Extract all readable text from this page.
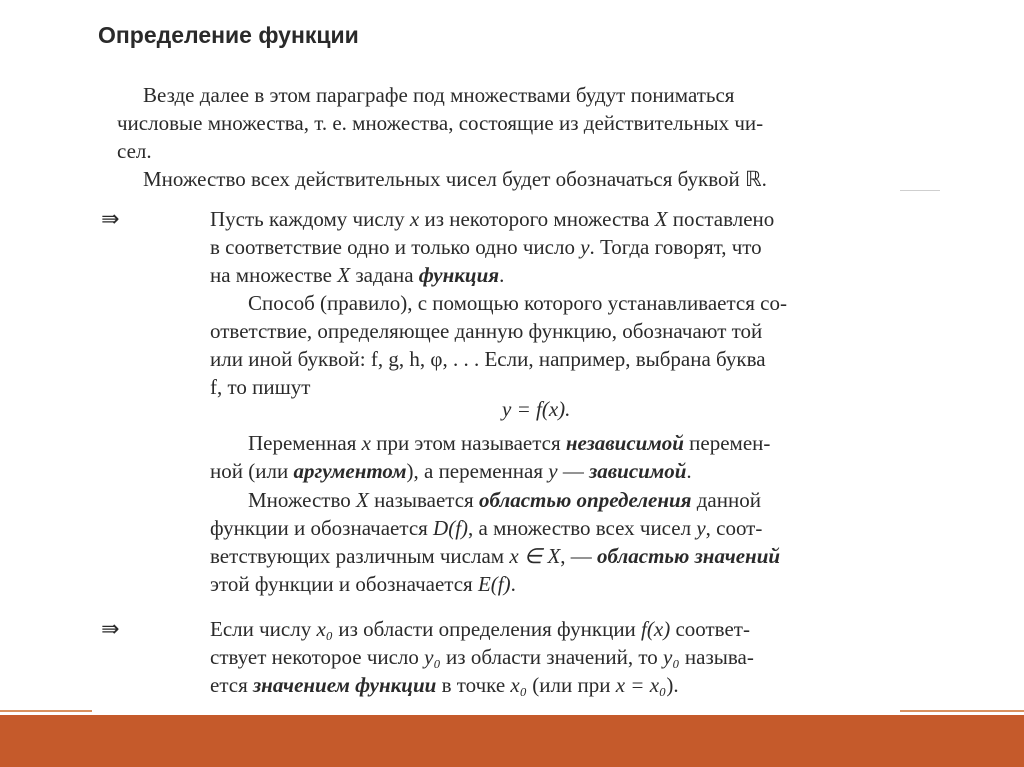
Определение функции
Везде далее в этом параграфе под множествами будут пониматься
числовые множества, т. е. множества, состоящие из действительных чи-
сел.
Множество всех действительных чисел будет обозначаться буквой ℝ.
⇛	Пусть каждому числу x из некоторого множества X поставлено
в соответствие одно и только одно число y. Тогда говорят, что
на множестве X задана функция.
Способ (правило), с помощью которого устанавливается со-
ответствие, определяющее данную функцию, обозначают той
или иной буквой: f, g, h, φ, . . . Если, например, выбрана буква
f, то пишут
y = f(x).
Переменная x при этом называется независимой перемен-
ной (или аргументом), а переменная y — зависимой.
Множество X называется областью определения данной
функции и обозначается D(f), а множество всех чисел y, соот-
ветствующих различным числам x ∈ X, — областью значений
этой функции и обозначается E(f).
⇛	Если числу x₀ из области определения функции f(x) соответ-
ствует некоторое число y₀ из области значений, то y₀ называ-
ется значением функции в точке x₀ (или при x = x₀).
